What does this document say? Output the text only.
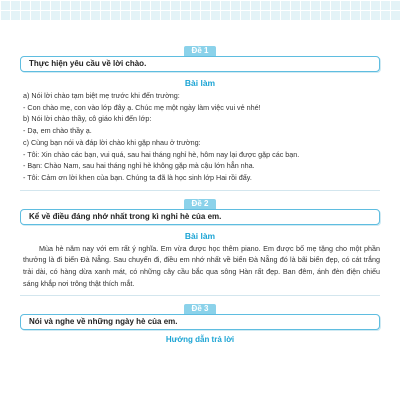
Đề 1
Thực hiện yêu cầu về lời chào.
Bài làm
a) Nói lời chào tạm biệt mẹ trước khi đến trường:
- Con chào mẹ, con vào lớp đây ạ. Chúc mẹ một ngày làm việc vui vẻ nhé!
b) Nói lời chào thầy, cô giáo khi đến lớp:
- Dạ, em chào thầy ạ.
c) Cùng bạn nói và đáp lời chào khi gặp nhau ở trường:
- Tôi: Xin chào các bạn, vui quá, sau hai tháng nghỉ hè, hôm nay lại được gặp các bạn.
- Bạn: Chào Nam, sau hai tháng nghỉ hè không gặp mà cậu lớn hẳn nha.
- Tôi: Cảm ơn lời khen của bạn. Chúng ta đã là học sinh lớp Hai rồi đấy.
Đề 2
Kể về điều đáng nhớ nhất trong kì nghỉ hè của em.
Bài làm
Mùa hè năm nay với em rất ý nghĩa. Em vừa được học thêm piano. Em được bố mẹ tặng cho một phần thưởng là đi biển Đà Nẵng. Sau chuyến đi, điều em nhớ nhất về biển Đà Nẵng đó là bãi biển đẹp, có cát trắng trải dài, có hàng dừa xanh mát, có những cây cầu bắc qua sông Hàn rất đẹp. Ban đêm, ánh đèn điện chiếu sáng khắp nơi trông thật thích mắt.
Đề 3
Nói và nghe về những ngày hè của em.
Hướng dẫn trả lời
